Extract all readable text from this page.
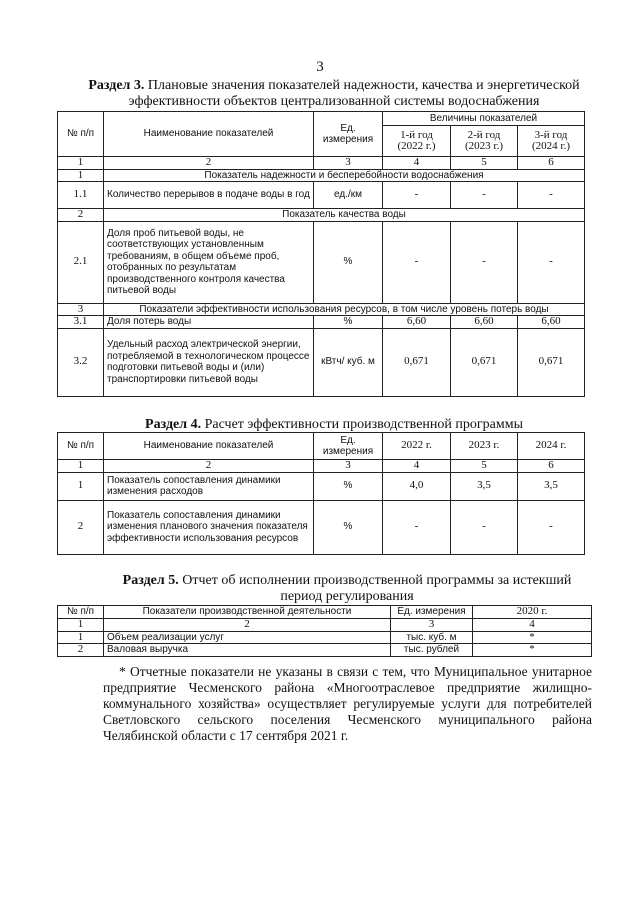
3
Раздел 3. Плановые значения показателей надежности, качества и энергетической эффективности объектов централизованной системы водоснабжения
№ п/п	Наименование показателей	Ед. измерения	Величины показателей		
			1-й год (2022 г.)	2-й год (2023 г.)	3-й год (2024 г.)
1	2	3	4	5	6
1	Показатель надежности и бесперебойности водоснабжения				
1.1	Количество перерывов в подаче воды в год	ед./км	-	-	-
2	Показатель качества воды				
2.1	Доля проб питьевой воды, не соответствующих установленным требованиям, в общем объеме проб, отобранных по результатам производственного контроля качества питьевой воды	%	-	-	-
3	Показатели эффективности использования ресурсов, в том числе уровень потерь воды				
3.1	Доля потерь воды	%	6,60	6,60	6,60
3.2	Удельный расход электрической энергии, потребляемой в технологическом процессе подготовки питьевой воды и (или) транспортировки питьевой воды	кВтч/ куб. м	0,671	0,671	0,671
Раздел 4. Расчет эффективности производственной программы
№ п/п	Наименование показателей	Ед. измерения	2022 г.	2023 г.	2024 г.
1	2	3	4	5	6
1	Показатель сопоставления динамики изменения расходов	%	4,0	3,5	3,5
2	Показатель сопоставления динамики изменения планового значения показателя эффективности использования ресурсов	%	-	-	-
Раздел 5. Отчет об исполнении производственной программы за истекший период регулирования
№ п/п	Показатели производственной деятельности	Ед. измерения	2020 г.
1	2	3	4
1	Объем реализации услуг	тыс. куб. м	*
2	Валовая выручка	тыс. рублей	*
* Отчетные показатели не указаны в связи с тем, что Муниципальное унитарное предприятие Чесменского района «Многоотраслевое предприятие жилищно-коммунального хозяйства» осуществляет регулируемые услуги для потребителей Светловского сельского поселения Чесменского муниципального района Челябинской области с 17 сентября 2021 г.
